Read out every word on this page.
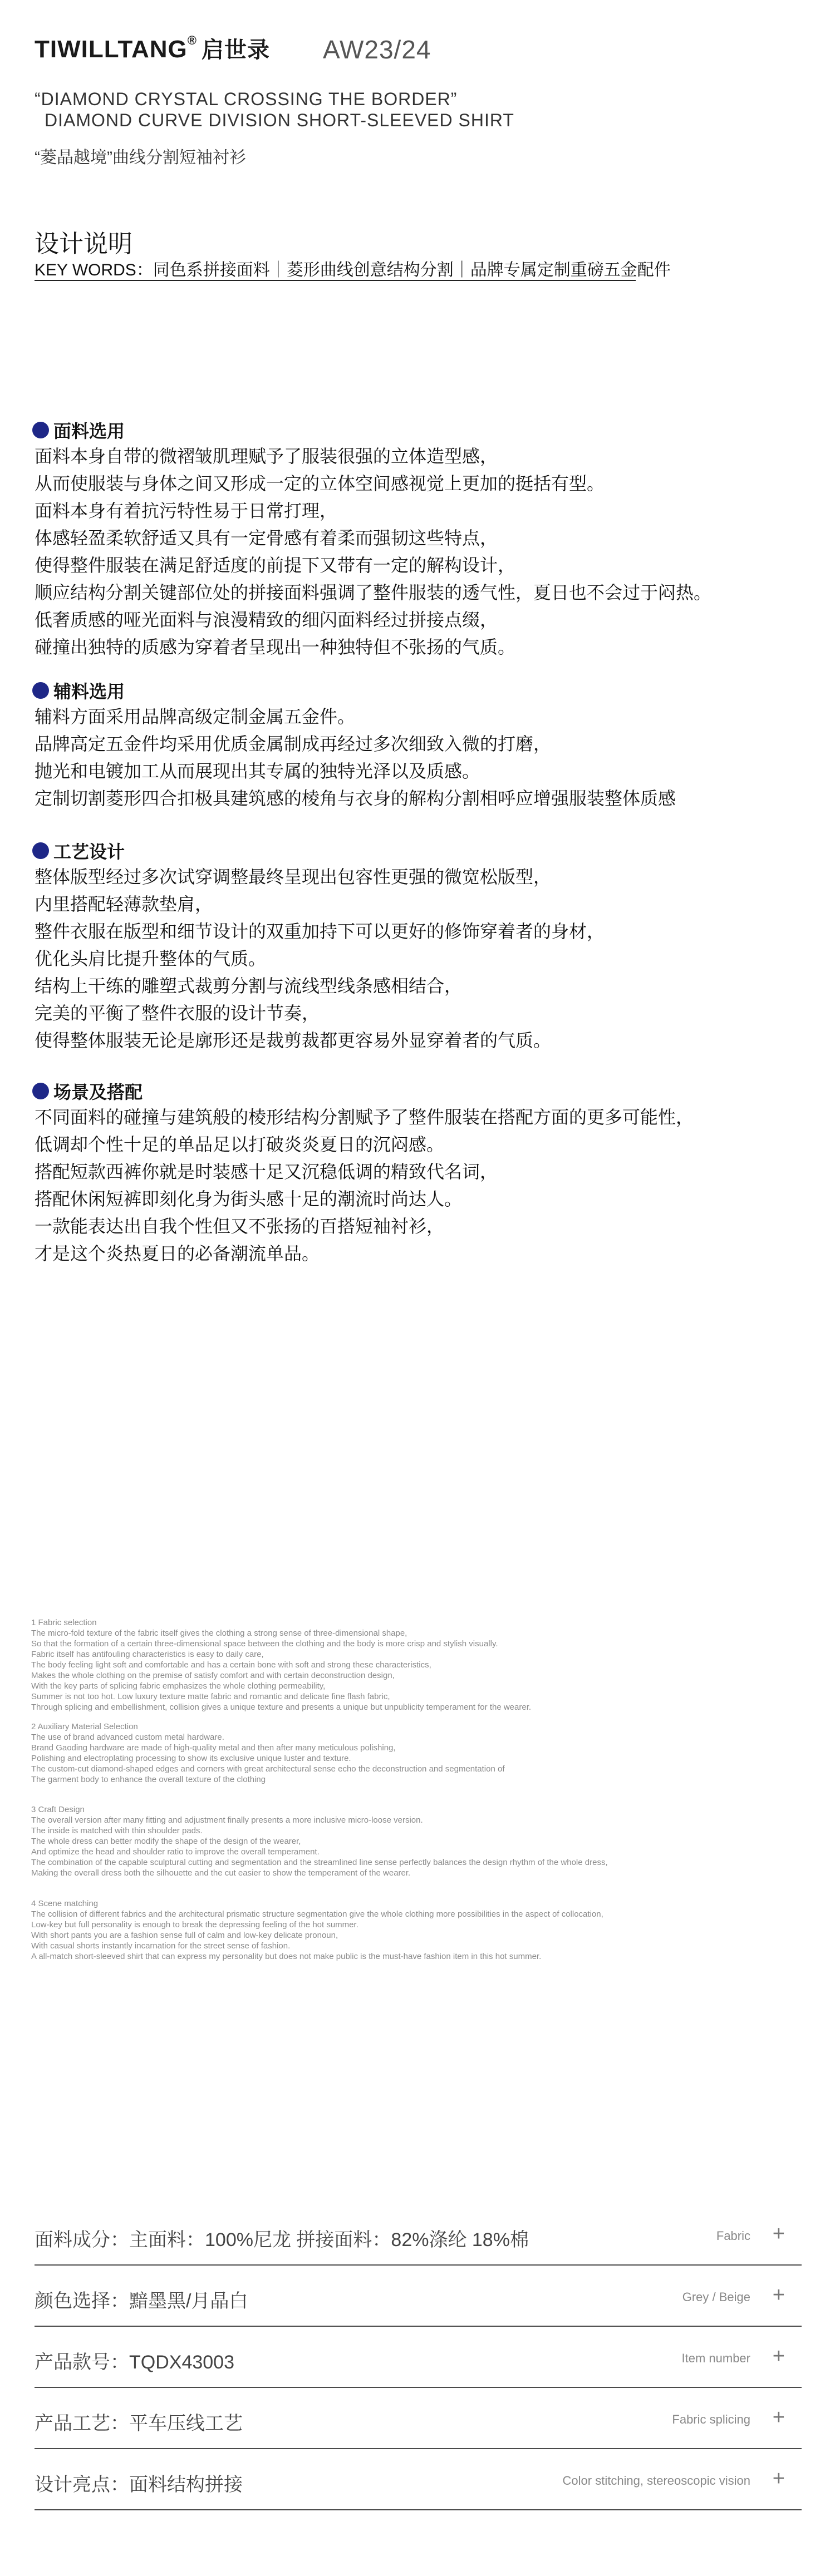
TIWILLTANG® 启世录 AW23/24
“DIAMOND CRYSTAL CROSSING THE BORDER”
DIAMOND CURVE DIVISION SHORT-SLEEVED SHIRT
“菱晶越境”曲线分割短袖衬衫
设计说明
KEY WORDS：同色系拼接面料｜菱形曲线创意结构分割｜品牌专属定制重磅五金配件
面料选用
面料本身自带的微褶皱肌理赋予了服装很强的立体造型感，
从而使服装与身体之间又形成一定的立体空间感视觉上更加的挺括有型。
面料本身有着抗污特性易于日常打理，
体感轻盈柔软舒适又具有一定骨感有着柔而强韧这些特点，
使得整件服装在满足舒适度的前提下又带有一定的解构设计，
顺应结构分割关键部位处的拼接面料强调了整件服装的透气性，夏日也不会过于闷热。
低奢质感的哑光面料与浪漫精致的细闪面料经过拼接点缀，
碰撞出独特的质感为穿着者呈现出一种独特但不张扬的气质。
辅料选用
辅料方面采用品牌高级定制金属五金件。
品牌高定五金件均采用优质金属制成再经过多次细致入微的打磨，
抛光和电镀加工从而展现出其专属的独特光泽以及质感。
定制切割菱形四合扣极具建筑感的棱角与衣身的解构分割相呼应增强服装整体质感
工艺设计
整体版型经过多次试穿调整最终呈现出包容性更强的微宽松版型，
内里搭配轻薄款垫肩，
整件衣服在版型和细节设计的双重加持下可以更好的修饰穿着者的身材，
优化头肩比提升整体的气质。
结构上干练的雕塑式裁剪分割与流线型线条感相结合，
完美的平衡了整件衣服的设计节奏，
使得整体服装无论是廓形还是裁剪裁都更容易外显穿着者的气质。
场景及搭配
不同面料的碰撞与建筑般的棱形结构分割赋予了整件服装在搭配方面的更多可能性，
低调却个性十足的单品足以打破炎炎夏日的沉闷感。
搭配短款西裤你就是时装感十足又沉稳低调的精致代名词，
搭配休闲短裤即刻化身为街头感十足的潮流时尚达人。
一款能表达出自我个性但又不张扬的百搭短袖衬衫，
才是这个炎热夏日的必备潮流单品。
1 Fabric selection
The micro-fold texture of the fabric itself gives the clothing a strong sense of three-dimensional shape,
So that the formation of a certain three-dimensional space between the clothing and the body is more crisp and stylish visually.
Fabric itself has antifouling characteristics is easy to daily care,
The body feeling light soft and comfortable and has a certain bone with soft and strong these characteristics,
Makes the whole clothing on the premise of satisfy comfort and with certain deconstruction design,
With the key parts of splicing fabric emphasizes the whole clothing permeability,
Summer is not too hot. Low luxury texture matte fabric and romantic and delicate fine flash fabric,
Through splicing and embellishment, collision gives a unique texture and presents a unique but unpublicity temperament for the wearer.
2 Auxiliary Material Selection
The use of brand advanced custom metal hardware.
Brand Gaoding hardware are made of high-quality metal and then after many meticulous polishing,
Polishing and electroplating processing to show its exclusive unique luster and texture.
The custom-cut diamond-shaped edges and corners with great architectural sense echo the deconstruction and segmentation of
The garment body to enhance the overall texture of the clothing
3 Craft Design
The overall version after many fitting and adjustment finally presents a more inclusive micro-loose version.
The inside is matched with thin shoulder pads.
The whole dress can better modify the shape of the design of the wearer,
And optimize the head and shoulder ratio to improve the overall temperament.
The combination of the capable sculptural cutting and segmentation and the streamlined line sense perfectly balances the design rhythm of the whole dress,
Making the overall dress both the silhouette and the cut easier to show the temperament of the wearer.
4 Scene matching
The collision of different fabrics and the architectural prismatic structure segmentation give the whole clothing more possibilities in the aspect of collocation,
Low-key but full personality is enough to break the depressing feeling of the hot summer.
With short pants you are a fashion sense full of calm and low-key delicate pronoun,
With casual shorts instantly incarnation for the street sense of fashion.
A all-match short-sleeved shirt that can express my personality but does not make public is the must-have fashion item in this hot summer.
面料成分：主面料：100%尼龙 拼接面料：82%涤纶 18%棉	Fabric +
颜色选择：黯墨黑/月晶白	Grey / Beige +
产品款号：TQDX43003	Item number +
产品工艺：平车压线工艺	Fabric splicing +
设计亮点：面料结构拼接	Color stitching, stereoscopic vision +
